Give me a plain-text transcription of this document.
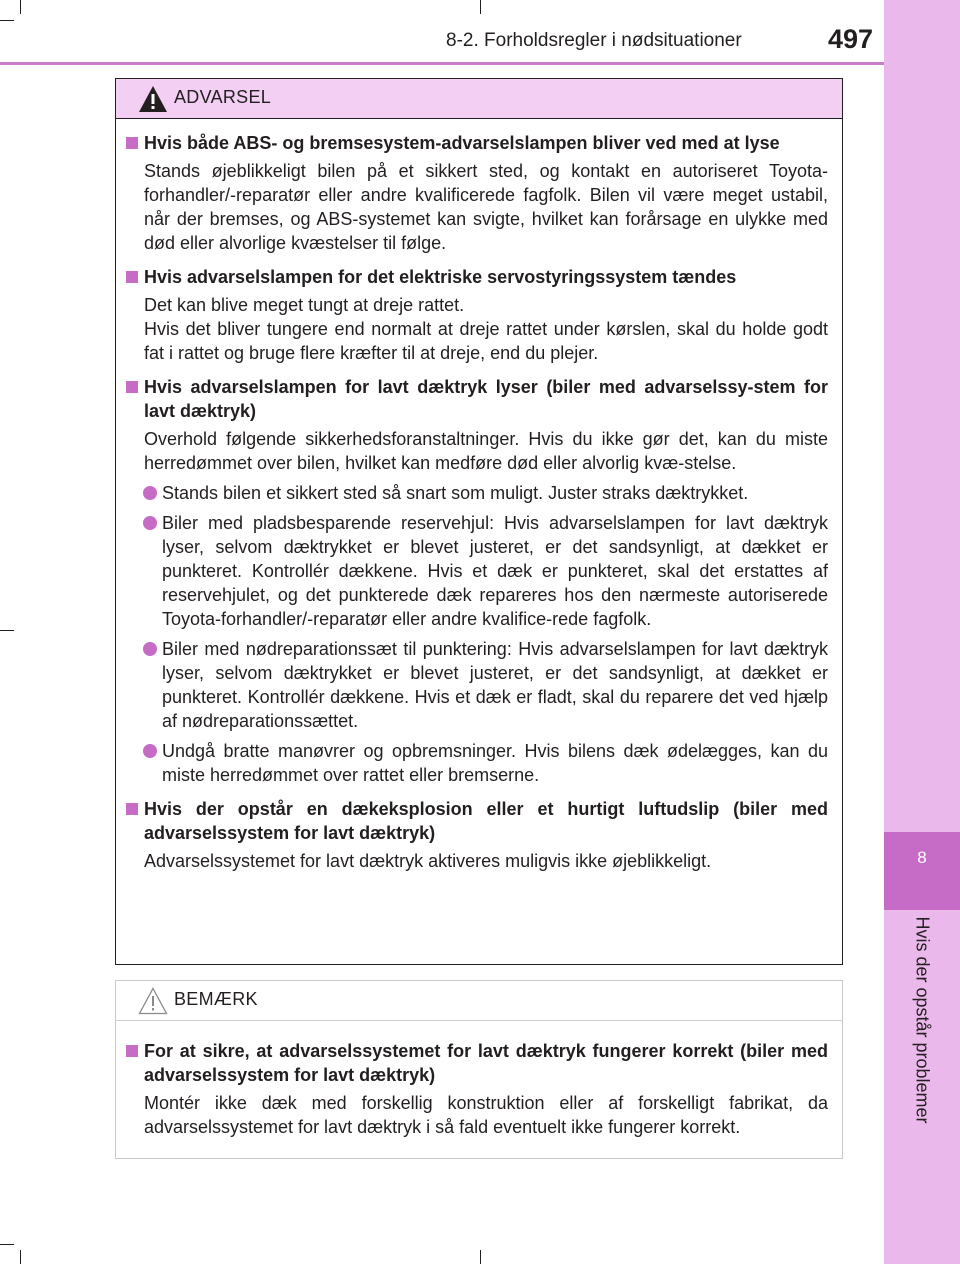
8-2. Forholdsregler i nødsituationer	497
8
Hvis der opstår problemer
ADVARSEL
Hvis både ABS- og bremsesystem-advarselslampen bliver ved med at lyse
Stands øjeblikkeligt bilen på et sikkert sted, og kontakt en autoriseret Toyota-forhandler/-reparatør eller andre kvalificerede fagfolk. Bilen vil være meget ustabil, når der bremses, og ABS-systemet kan svigte, hvilket kan forårsage en ulykke med død eller alvorlige kvæstelser til følge.
Hvis advarselslampen for det elektriske servostyringssystem tændes
Det kan blive meget tungt at dreje rattet.
Hvis det bliver tungere end normalt at dreje rattet under kørslen, skal du holde godt fat i rattet og bruge flere kræfter til at dreje, end du plejer.
Hvis advarselslampen for lavt dæktryk lyser (biler med advarselssy-stem for lavt dæktryk)
Overhold følgende sikkerhedsforanstaltninger. Hvis du ikke gør det, kan du miste herredømmet over bilen, hvilket kan medføre død eller alvorlig kvæ-stelse.
Stands bilen et sikkert sted så snart som muligt. Juster straks dæktrykket.
Biler med pladsbesparende reservehjul: Hvis advarselslampen for lavt dæktryk lyser, selvom dæktrykket er blevet justeret, er det sandsynligt, at dækket er punkteret. Kontrollér dækkene. Hvis et dæk er punkteret, skal det erstattes af reservehjulet, og det punkterede dæk repareres hos den nærmeste autoriserede Toyota-forhandler/-reparatør eller andre kvalifice-rede fagfolk.
Biler med nødreparationssæt til punktering: Hvis advarselslampen for lavt dæktryk lyser, selvom dæktrykket er blevet justeret, er det sandsynligt, at dækket er punkteret. Kontrollér dækkene. Hvis et dæk er fladt, skal du reparere det ved hjælp af nødreparationssættet.
Undgå bratte manøvrer og opbremsninger. Hvis bilens dæk ødelægges, kan du miste herredømmet over rattet eller bremserne.
Hvis der opstår en dækeksplosion eller et hurtigt luftudslip (biler med advarselssystem for lavt dæktryk)
Advarselssystemet for lavt dæktryk aktiveres muligvis ikke øjeblikkeligt.
BEMÆRK
For at sikre, at advarselssystemet for lavt dæktryk fungerer korrekt (biler med advarselssystem for lavt dæktryk)
Montér ikke dæk med forskellig konstruktion eller af forskelligt fabrikat, da advarselssystemet for lavt dæktryk i så fald eventuelt ikke fungerer korrekt.
